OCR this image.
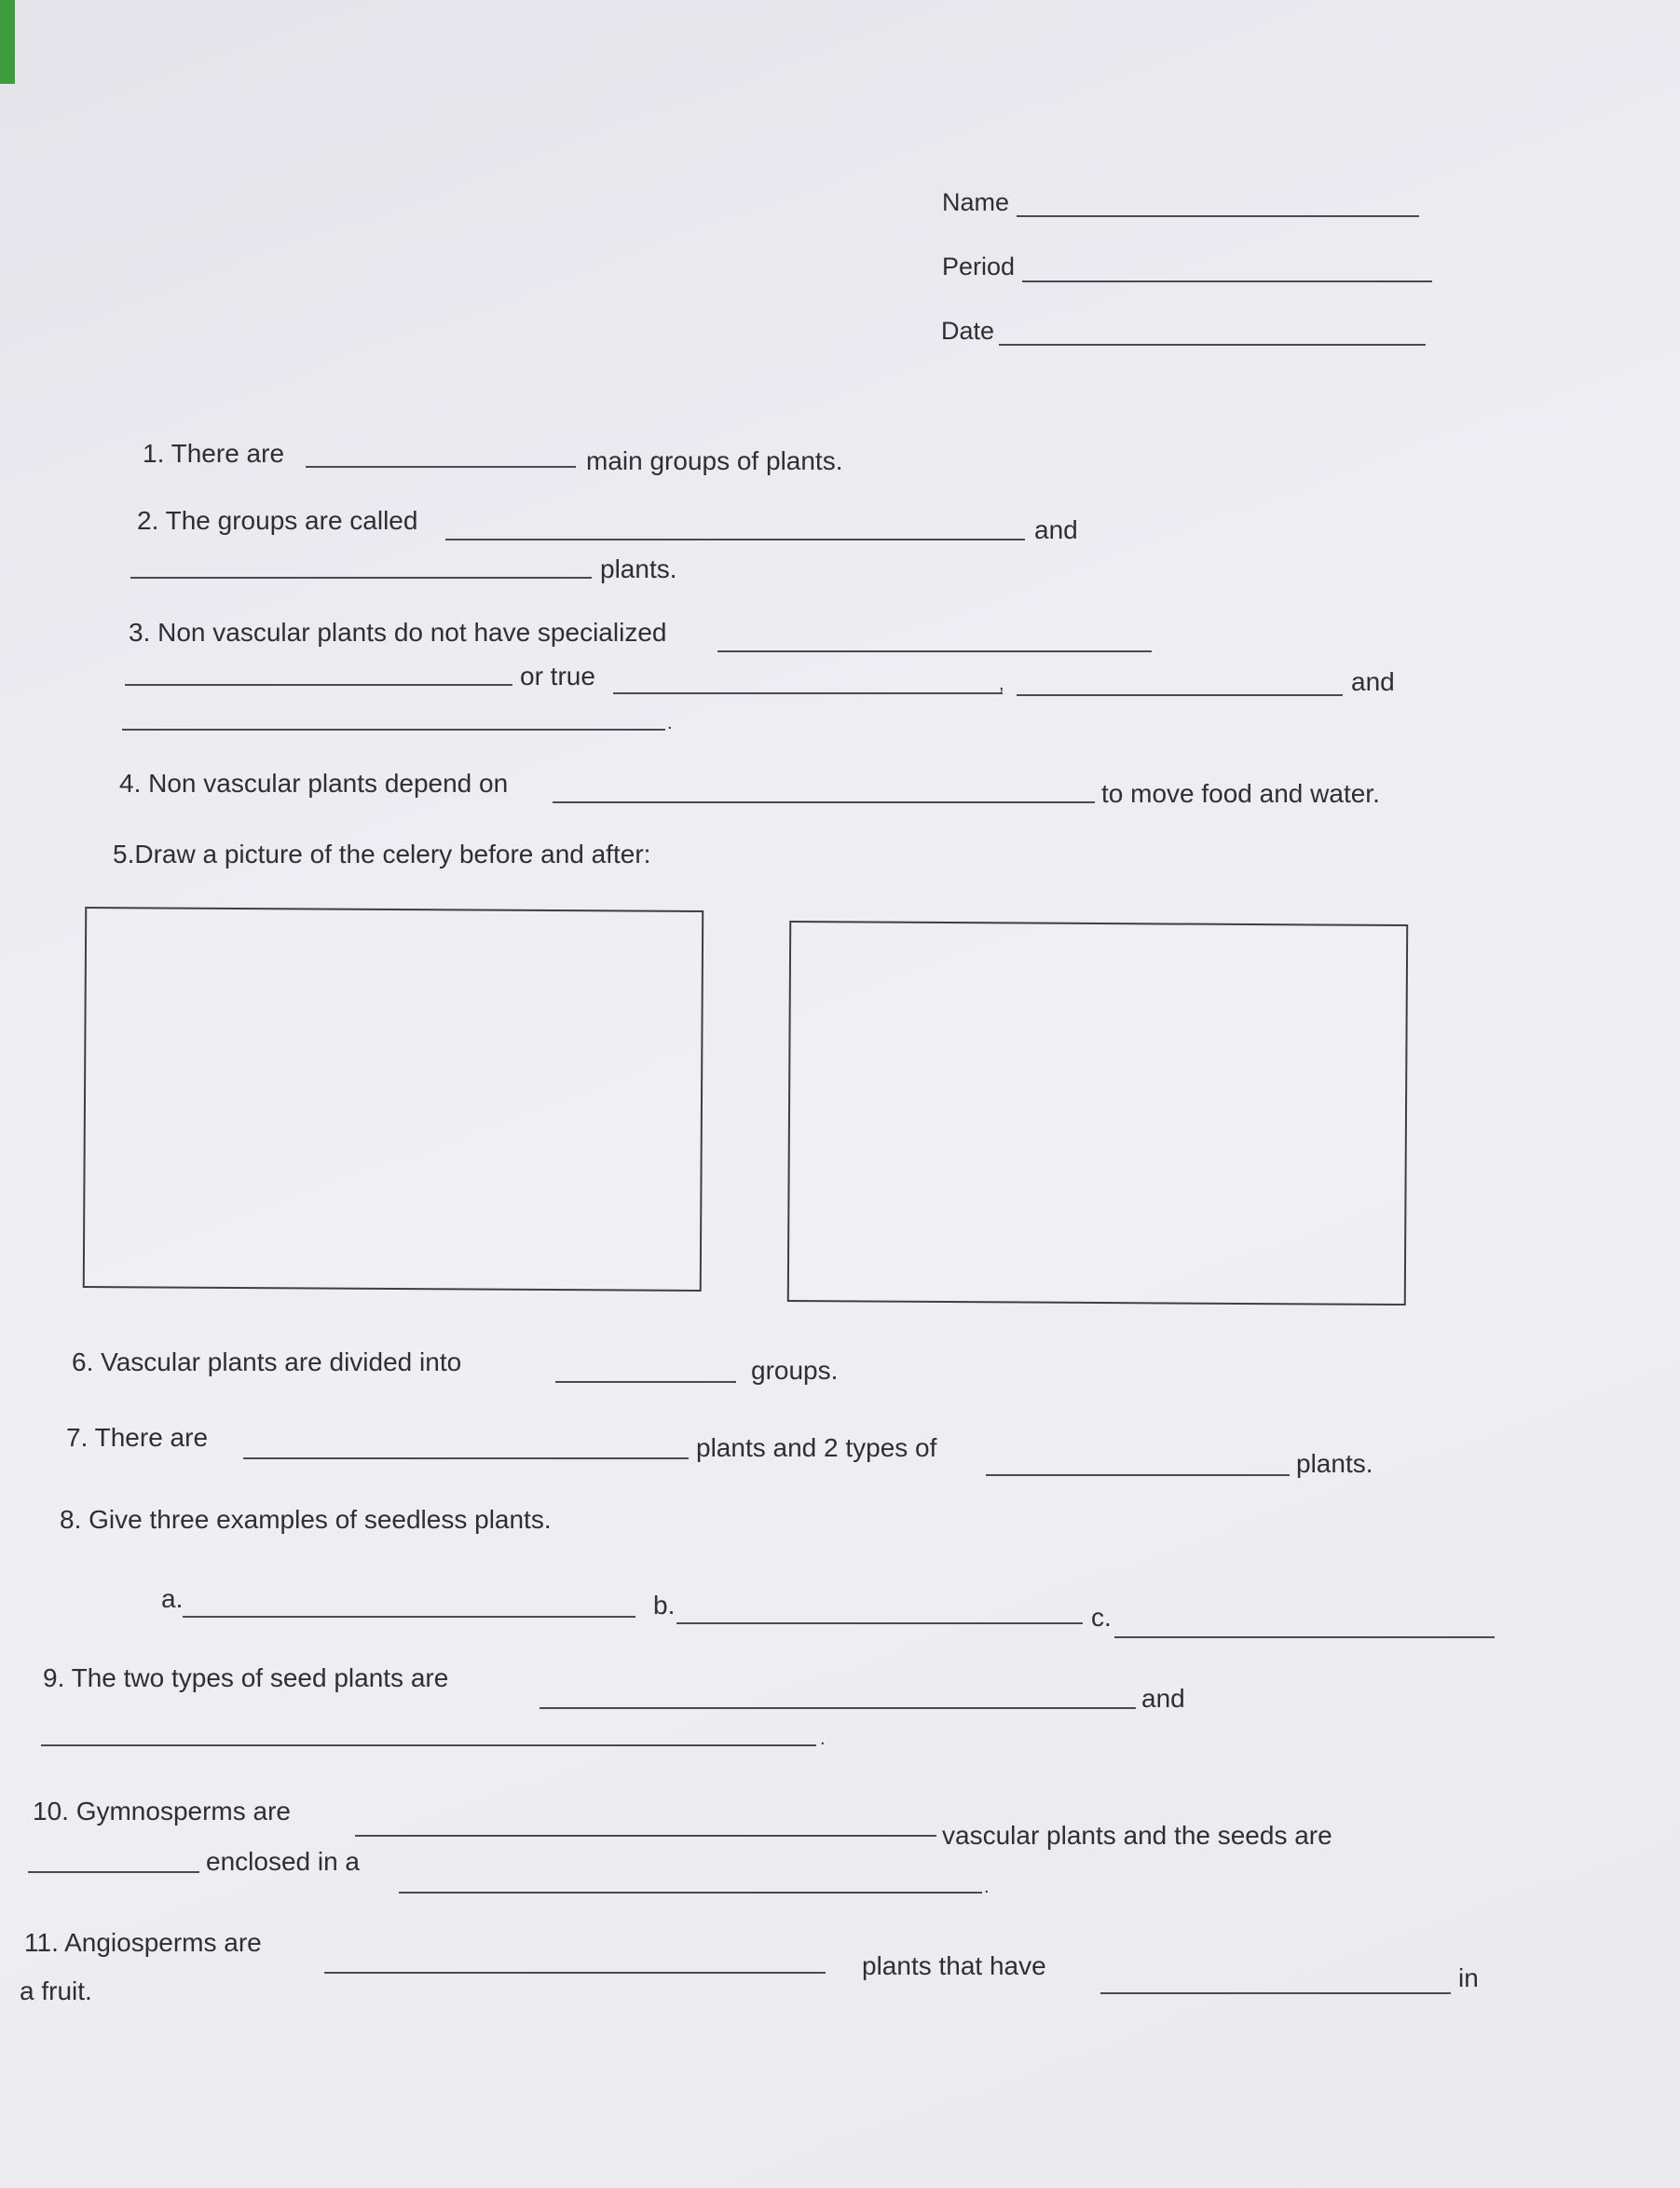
Name
Period
Date
1. There are	main groups of plants.
2. The groups are called	and
plants.
3. Non vascular plants do not have specialized
or true	,	and
.
4. Non vascular plants depend on	to move food and water.
5.Draw a picture of the celery before and after:
6. Vascular plants are divided into	groups.
7. There are	plants and 2 types of
plants.
8. Give three examples of seedless plants.
a.	b.	c.
9. The two types of seed plants are
and
.
10. Gymnosperms are
vascular plants and the seeds are
enclosed in a
.
11. Angiosperms are
plants that have	in
a fruit.
